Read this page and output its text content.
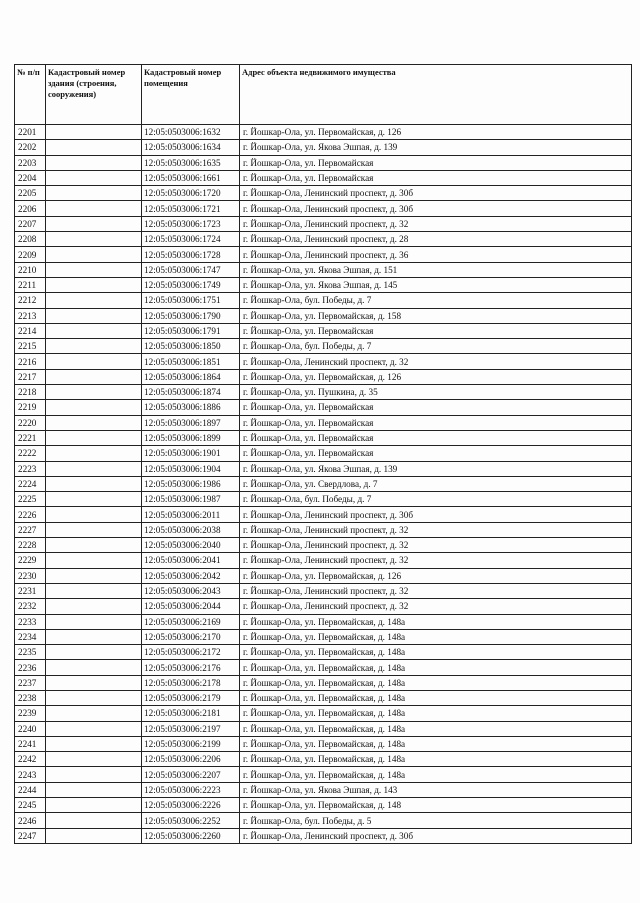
№ п/п	Кадастровый номер здания (строения, сооружения)	Кадастровый номер помещения	Адрес объекта недвижимого имущества
2201		12:05:0503006:1632	г. Йошкар-Ола, ул. Первомайская, д. 126
2202		12:05:0503006:1634	г. Йошкар-Ола, ул. Якова Эшпая, д. 139
2203		12:05:0503006:1635	г. Йошкар-Ола, ул. Первомайская
2204		12:05:0503006:1661	г. Йошкар-Ола, ул. Первомайская
2205		12:05:0503006:1720	г. Йошкар-Ола, Ленинский проспект, д. 30б
2206		12:05:0503006:1721	г. Йошкар-Ола, Ленинский проспект, д. 30б
2207		12:05:0503006:1723	г. Йошкар-Ола, Ленинский проспект, д. 32
2208		12:05:0503006:1724	г. Йошкар-Ола, Ленинский проспект, д. 28
2209		12:05:0503006:1728	г. Йошкар-Ола, Ленинский проспект, д. 36
2210		12:05:0503006:1747	г. Йошкар-Ола, ул. Якова Эшпая, д. 151
2211		12:05:0503006:1749	г. Йошкар-Ола, ул. Якова Эшпая, д. 145
2212		12:05:0503006:1751	г. Йошкар-Ола, бул. Победы, д. 7
2213		12:05:0503006:1790	г. Йошкар-Ола, ул. Первомайская, д. 158
2214		12:05:0503006:1791	г. Йошкар-Ола, ул. Первомайская
2215		12:05:0503006:1850	г. Йошкар-Ола, бул. Победы, д. 7
2216		12:05:0503006:1851	г. Йошкар-Ола, Ленинский проспект, д. 32
2217		12:05:0503006:1864	г. Йошкар-Ола, ул. Первомайская, д. 126
2218		12:05:0503006:1874	г. Йошкар-Ола, ул. Пушкина, д. 35
2219		12:05:0503006:1886	г. Йошкар-Ола, ул. Первомайская
2220		12:05:0503006:1897	г. Йошкар-Ола, ул. Первомайская
2221		12:05:0503006:1899	г. Йошкар-Ола, ул. Первомайская
2222		12:05:0503006:1901	г. Йошкар-Ола, ул. Первомайская
2223		12:05:0503006:1904	г. Йошкар-Ола, ул. Якова Эшпая, д. 139
2224		12:05:0503006:1986	г. Йошкар-Ола, ул. Свердлова, д. 7
2225		12:05:0503006:1987	г. Йошкар-Ола, бул. Победы, д. 7
2226		12:05:0503006:2011	г. Йошкар-Ола, Ленинский проспект, д. 30б
2227		12:05:0503006:2038	г. Йошкар-Ола, Ленинский проспект, д. 32
2228		12:05:0503006:2040	г. Йошкар-Ола, Ленинский проспект, д. 32
2229		12:05:0503006:2041	г. Йошкар-Ола, Ленинский проспект, д. 32
2230		12:05:0503006:2042	г. Йошкар-Ола, ул. Первомайская, д. 126
2231		12:05:0503006:2043	г. Йошкар-Ола, Ленинский проспект, д. 32
2232		12:05:0503006:2044	г. Йошкар-Ола, Ленинский проспект, д. 32
2233		12:05:0503006:2169	г. Йошкар-Ола, ул. Первомайская, д. 148а
2234		12:05:0503006:2170	г. Йошкар-Ола, ул. Первомайская, д. 148а
2235		12:05:0503006:2172	г. Йошкар-Ола, ул. Первомайская, д. 148а
2236		12:05:0503006:2176	г. Йошкар-Ола, ул. Первомайская, д. 148а
2237		12:05:0503006:2178	г. Йошкар-Ола, ул. Первомайская, д. 148а
2238		12:05:0503006:2179	г. Йошкар-Ола, ул. Первомайская, д. 148а
2239		12:05:0503006:2181	г. Йошкар-Ола, ул. Первомайская, д. 148а
2240		12:05:0503006:2197	г. Йошкар-Ола, ул. Первомайская, д. 148а
2241		12:05:0503006:2199	г. Йошкар-Ола, ул. Первомайская, д. 148а
2242		12:05:0503006:2206	г. Йошкар-Ола, ул. Первомайская, д. 148а
2243		12:05:0503006:2207	г. Йошкар-Ола, ул. Первомайская, д. 148а
2244		12:05:0503006:2223	г. Йошкар-Ола, ул. Якова Эшпая, д. 143
2245		12:05:0503006:2226	г. Йошкар-Ола, ул. Первомайская, д. 148
2246		12:05:0503006:2252	г. Йошкар-Ола, бул. Победы, д. 5
2247		12:05:0503006:2260	г. Йошкар-Ола, Ленинский проспект, д. 30б
